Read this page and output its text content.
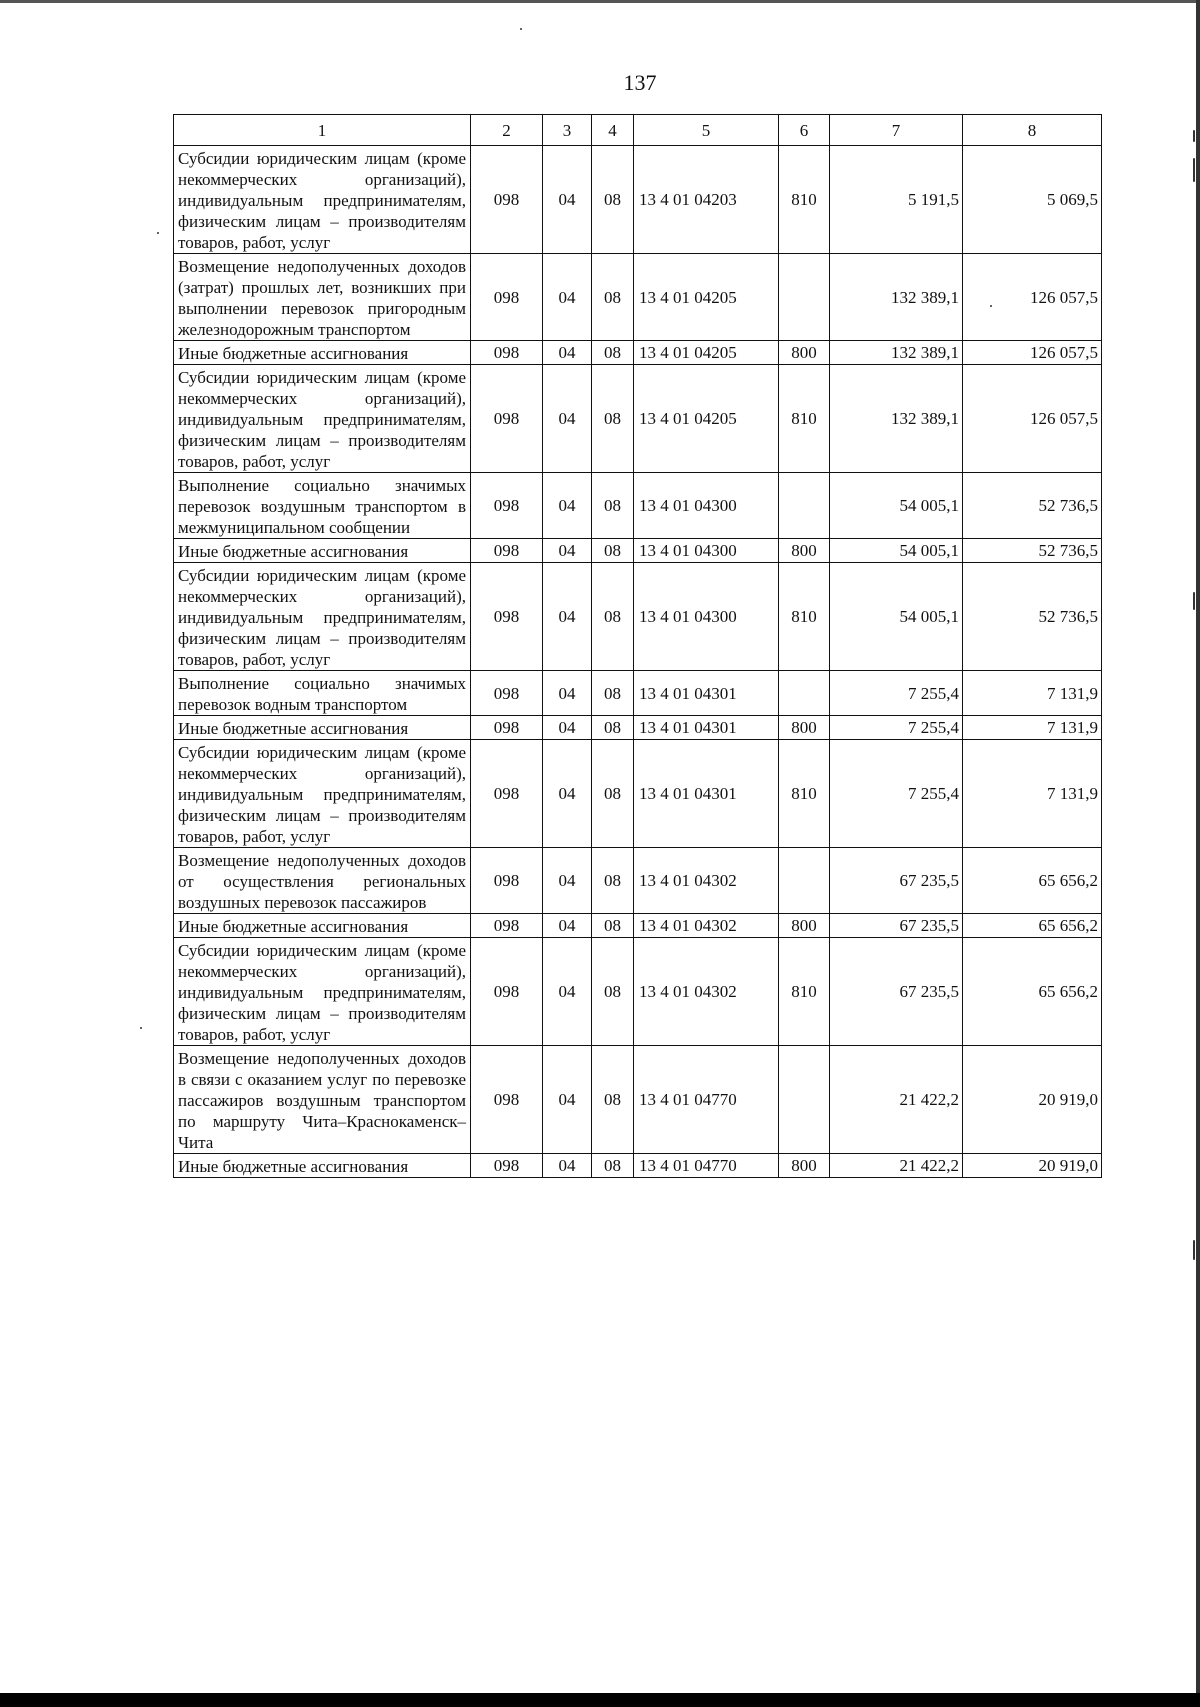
137
1	2	3	4	5	6	7	8
Субсидии юридическим лицам (кроме некоммерческих организаций), индивидуальным предпринимателям, физическим лицам – производителям товаров, работ, услуг	098	04	08	13 4 01 04203	810	5 191,5	5 069,5
Возмещение недополученных доходов (затрат) прошлых лет, возникших при выполнении перевозок пригородным железнодорожным транспортом	098	04	08	13 4 01 04205		132 389,1	126 057,5
Иные бюджетные ассигнования	098	04	08	13 4 01 04205	800	132 389,1	126 057,5
Субсидии юридическим лицам (кроме некоммерческих организаций), индивидуальным предпринимателям, физическим лицам – производителям товаров, работ, услуг	098	04	08	13 4 01 04205	810	132 389,1	126 057,5
Выполнение социально значимых перевозок воздушным транспортом в межмуниципальном сообщении	098	04	08	13 4 01 04300		54 005,1	52 736,5
Иные бюджетные ассигнования	098	04	08	13 4 01 04300	800	54 005,1	52 736,5
Субсидии юридическим лицам (кроме некоммерческих организаций), индивидуальным предпринимателям, физическим лицам – производителям товаров, работ, услуг	098	04	08	13 4 01 04300	810	54 005,1	52 736,5
Выполнение социально значимых перевозок водным транспортом	098	04	08	13 4 01 04301		7 255,4	7 131,9
Иные бюджетные ассигнования	098	04	08	13 4 01 04301	800	7 255,4	7 131,9
Субсидии юридическим лицам (кроме некоммерческих организаций), индивидуальным предпринимателям, физическим лицам – производителям товаров, работ, услуг	098	04	08	13 4 01 04301	810	7 255,4	7 131,9
Возмещение недополученных доходов от осуществления региональных воздушных перевозок пассажиров	098	04	08	13 4 01 04302		67 235,5	65 656,2
Иные бюджетные ассигнования	098	04	08	13 4 01 04302	800	67 235,5	65 656,2
Субсидии юридическим лицам (кроме некоммерческих организаций), индивидуальным предпринимателям, физическим лицам – производителям товаров, работ, услуг	098	04	08	13 4 01 04302	810	67 235,5	65 656,2
Возмещение недополученных доходов в связи с оказанием услуг по перевозке пассажиров воздушным транспортом по маршруту Чита–Краснокаменск–Чита	098	04	08	13 4 01 04770		21 422,2	20 919,0
Иные бюджетные ассигнования	098	04	08	13 4 01 04770	800	21 422,2	20 919,0
